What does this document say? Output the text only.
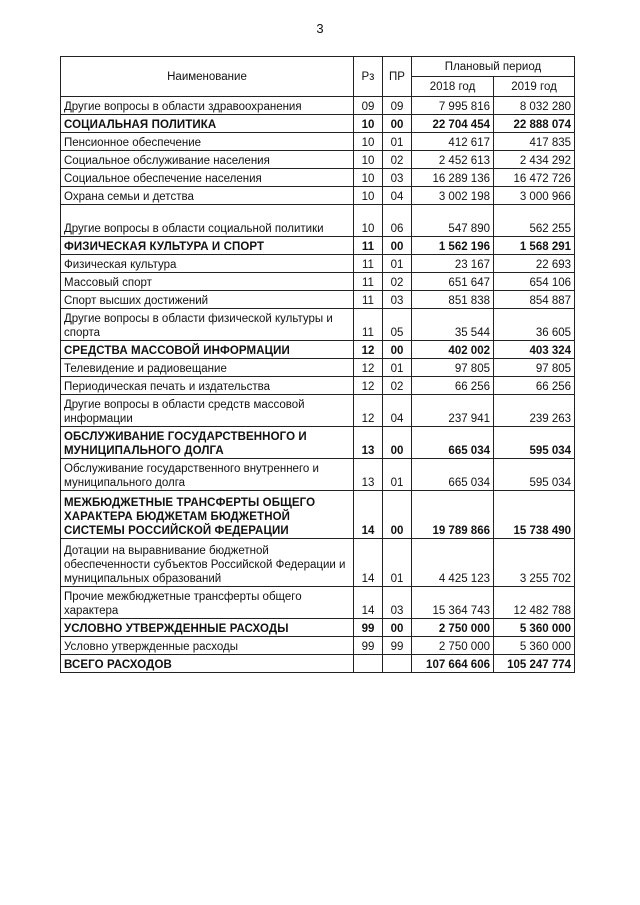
3
Наименование	Рз	ПР	Плановый период	
			2018 год	2019 год
Другие вопросы в области здравоохранения	09	09	7 995 816	8 032 280
СОЦИАЛЬНАЯ ПОЛИТИКА	10	00	22 704 454	22 888 074
Пенсионное обеспечение	10	01	412 617	417 835
Социальное обслуживание населения	10	02	2 452 613	2 434 292
Социальное обеспечение населения	10	03	16 289 136	16 472 726
Охрана семьи и детства	10	04	3 002 198	3 000 966
Другие вопросы в области социальной политики	10	06	547 890	562 255
ФИЗИЧЕСКАЯ КУЛЬТУРА И СПОРТ	11	00	1 562 196	1 568 291
Физическая культура	11	01	23 167	22 693
Массовый спорт	11	02	651 647	654 106
Спорт высших достижений	11	03	851 838	854 887
Другие вопросы в области физической культуры и спорта	11	05	35 544	36 605
СРЕДСТВА МАССОВОЙ ИНФОРМАЦИИ	12	00	402 002	403 324
Телевидение и радиовещание	12	01	97 805	97 805
Периодическая печать и издательства	12	02	66 256	66 256
Другие вопросы в области средств массовой информации	12	04	237 941	239 263
ОБСЛУЖИВАНИЕ ГОСУДАРСТВЕННОГО И МУНИЦИПАЛЬНОГО ДОЛГА	13	00	665 034	595 034
Обслуживание государственного внутреннего и муниципального долга	13	01	665 034	595 034
МЕЖБЮДЖЕТНЫЕ ТРАНСФЕРТЫ ОБЩЕГО ХАРАКТЕРА БЮДЖЕТАМ БЮДЖЕТНОЙ СИСТЕМЫ РОССИЙСКОЙ ФЕДЕРАЦИИ	14	00	19 789 866	15 738 490
Дотации на выравнивание бюджетной обеспеченности субъектов Российской Федерации и муниципальных образований	14	01	4 425 123	3 255 702
Прочие межбюджетные трансферты общего характера	14	03	15 364 743	12 482 788
УСЛОВНО УТВЕРЖДЕННЫЕ РАСХОДЫ	99	00	2 750 000	5 360 000
Условно утвержденные расходы	99	99	2 750 000	5 360 000
ВСЕГО РАСХОДОВ			107 664 606	105 247 774
